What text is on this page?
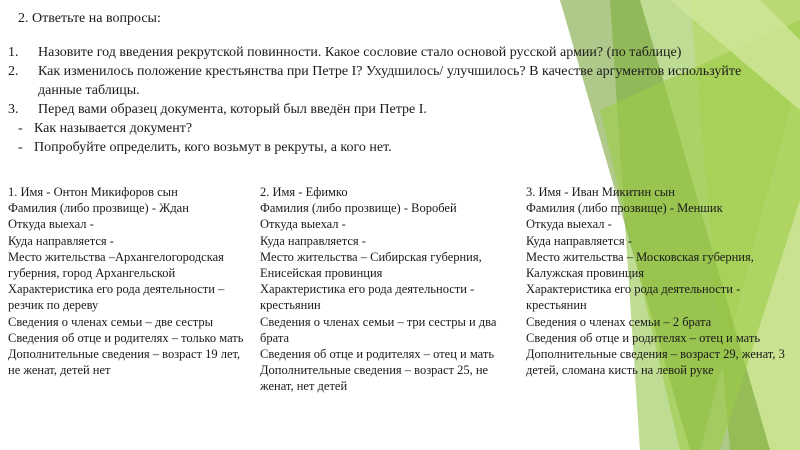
2. Ответьте на вопросы:
1.	Назовите год введения рекрутской повинности. Какое сословие стало основой русской армии? (по таблице)
2.	Как изменилось положение крестьянства при Петре I? Ухудшилось/ улучшилось? В качестве аргументов используйте данные таблицы.
3.	Перед вами образец документа, который был введён при Петре I.
- Как называется документ?
- Попробуйте определить, кого возьмут в рекруты, а кого нет.
1. Имя - Онтон Микифоров сын
Фамилия (либо прозвище) - Ждан
Откуда выехал -
Куда направляется -
Место жительства –Архангелогородская губерния, город Архангельской
Характеристика его рода деятельности – резчик по дереву
Сведения о членах семьи – две сестры
Сведения об отце и родителях – только мать
Дополнительные сведения – возраст 19 лет, не женат, детей нет
2. Имя - Ефимко
Фамилия (либо прозвище) - Воробей
Откуда выехал -
Куда направляется -
Место жительства – Сибирская губерния, Енисейская провинция
Характеристика его рода деятельности - крестьянин
Сведения о членах семьи – три сестры и два брата
Сведения об отце и родителях – отец и мать
Дополнительные сведения – возраст 25, не женат, нет детей
3. Имя - Иван Микитин сын
Фамилия (либо прозвище) - Меншик
Откуда выехал -
Куда направляется -
Место жительства – Московская губерния, Калужская провинция
Характеристика его рода деятельности - крестьянин
Сведения о членах семьи – 2 брата
Сведения об отце и родителях – отец и мать
Дополнительные сведения – возраст 29, женат, 3 детей, сломана кисть на левой руке
